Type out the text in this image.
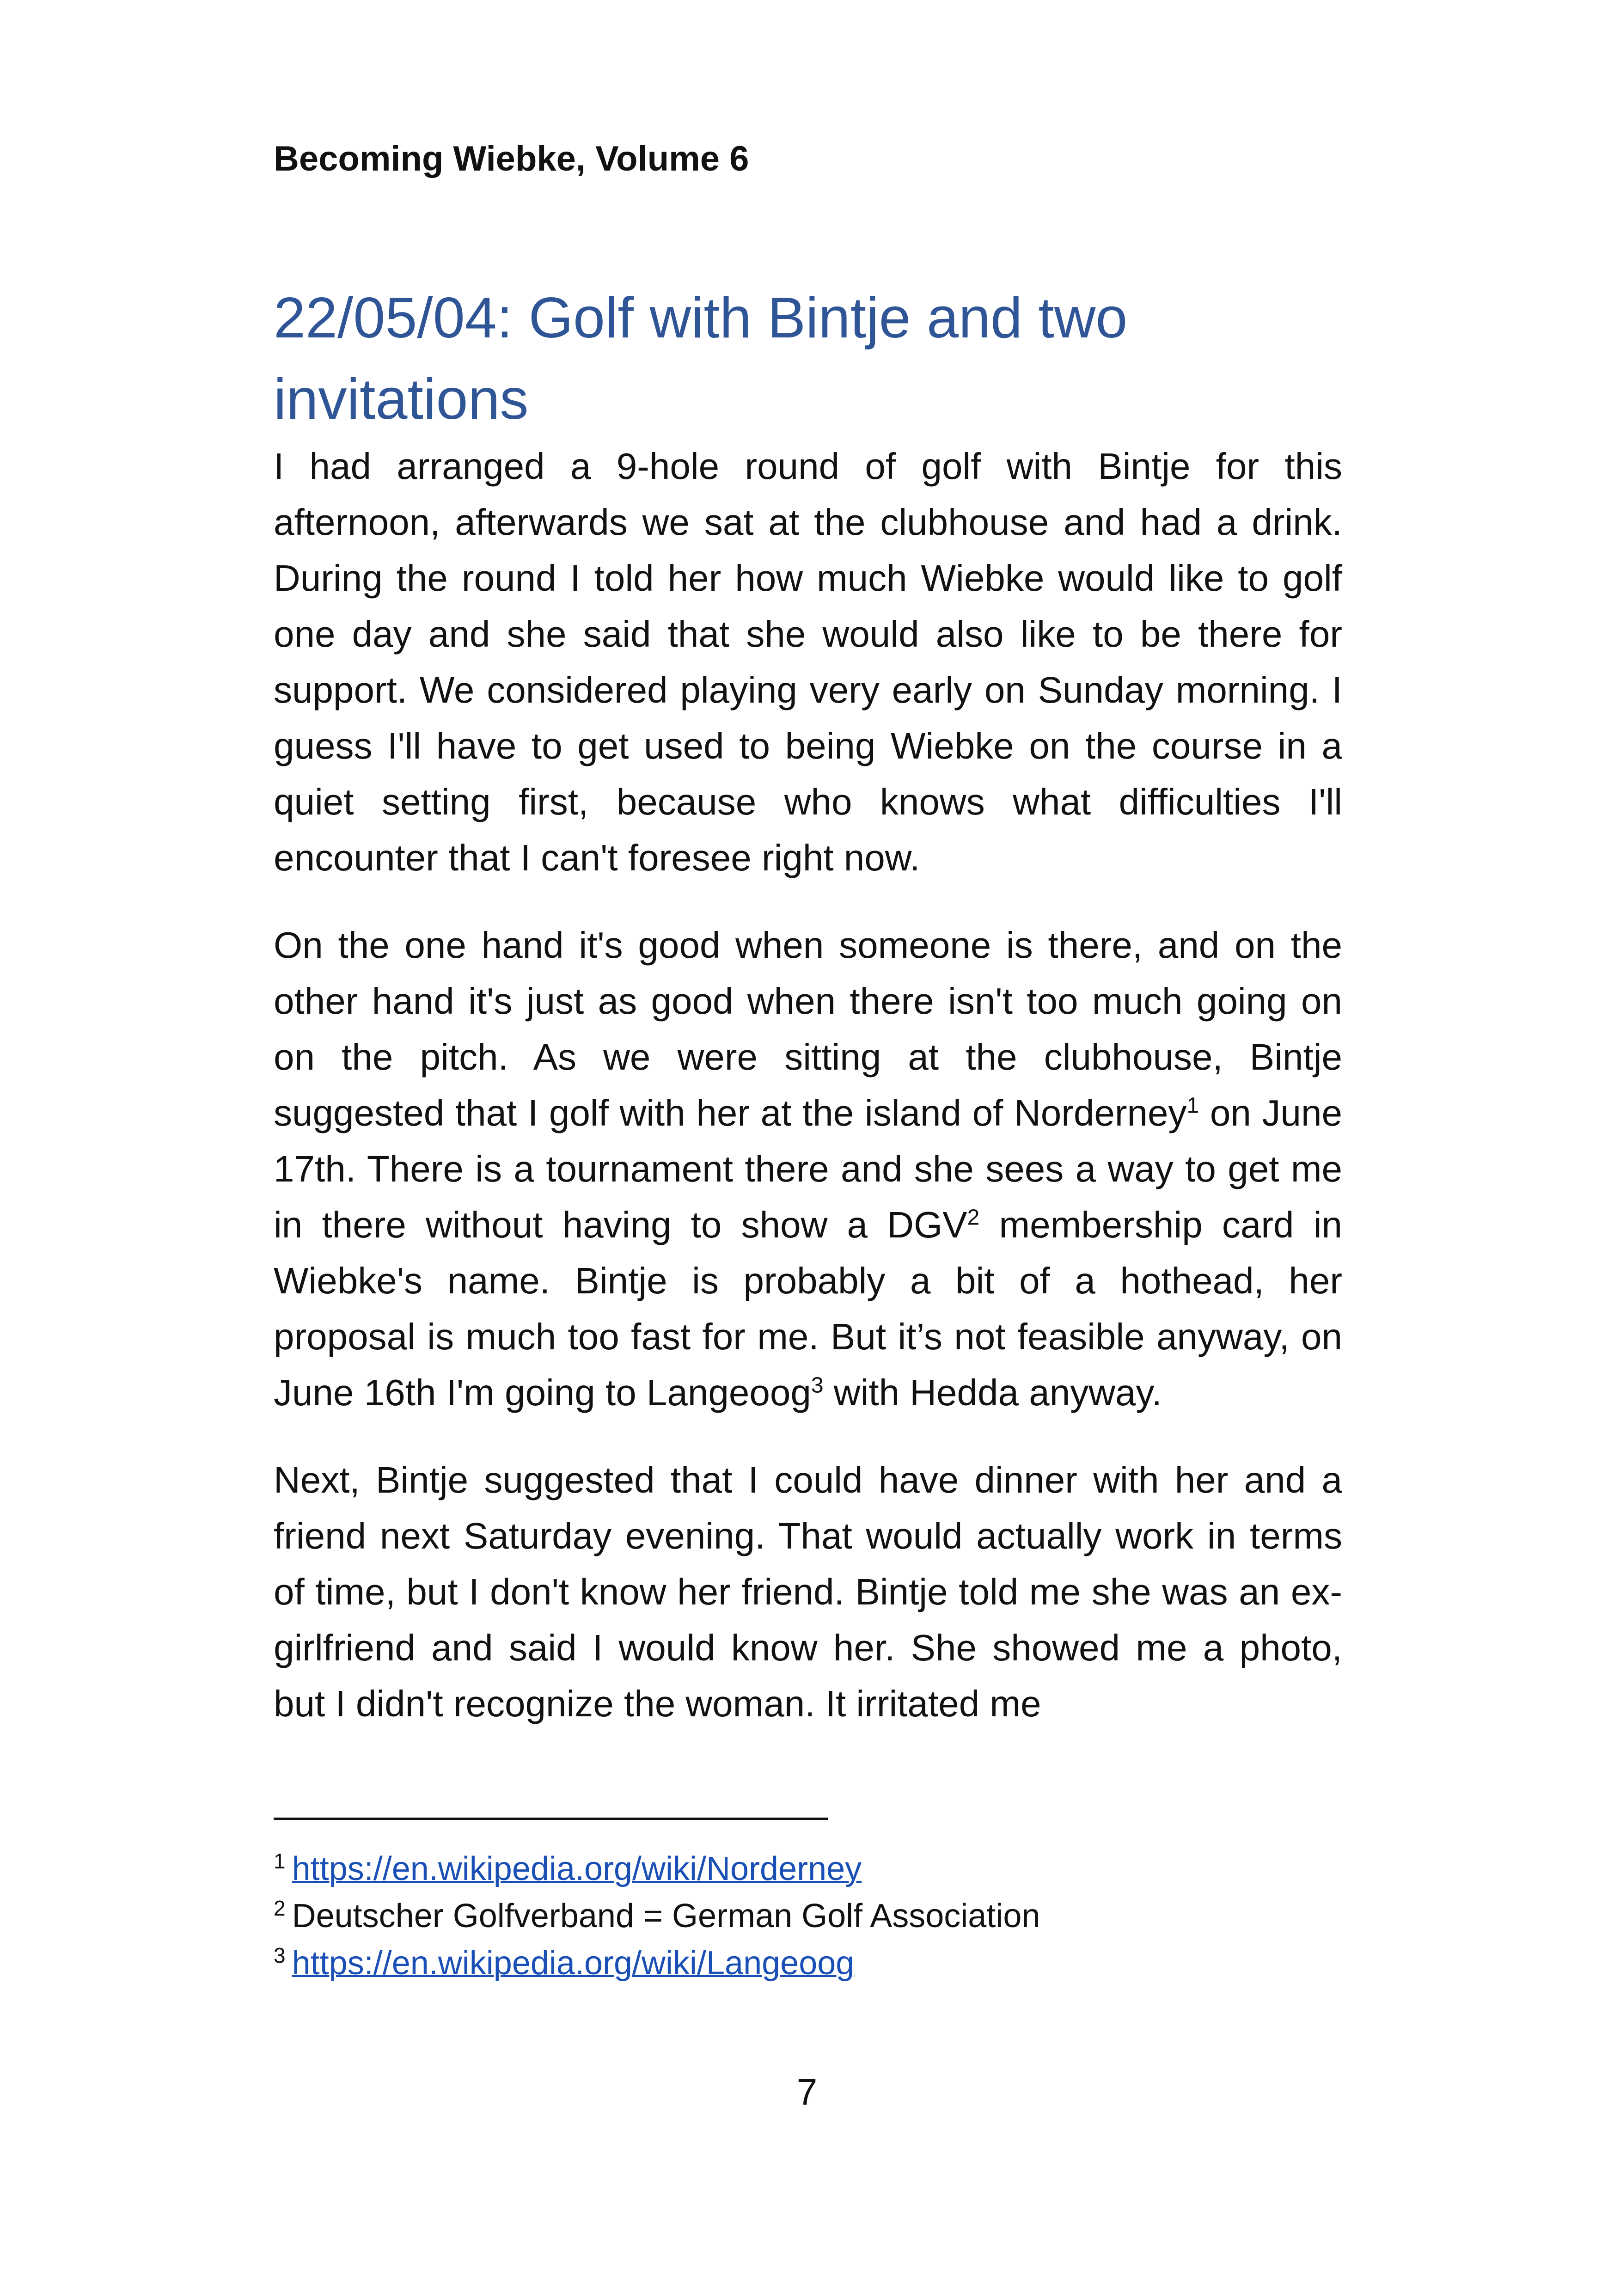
Becoming Wiebke, Volume 6
22/05/04: Golf with Bintje and two invitations

I had arranged a 9-hole round of golf with Bintje for this afternoon, afterwards we sat at the clubhouse and had a drink. During the round I told her how much Wiebke would like to golf one day and she said that she would also like to be there for support. We considered playing very early on Sunday morning. I guess I'll have to get used to being Wiebke on the course in a quiet setting first, because who knows what difficulties I'll encounter that I can't foresee right now.

On the one hand it's good when someone is there, and on the other hand it's just as good when there isn't too much going on on the pitch. As we were sitting at the clubhouse, Bintje suggested that I golf with her at the island of Norderney$^1$ on June 17th. There is a tournament there and she sees a way to get me in there without having to show a DGV$^2$ membership card in Wiebke's name. Bintje is probably a bit of a hothead, her proposal is much too fast for me. But it’s not feasible anyway, on June 16th I'm going to Langeoog$^3$ with Hedda anyway.

Next, Bintje suggested that I could have dinner with her and a friend next Saturday evening. That would actually work in terms of time, but I don't know her friend. Bintje told me she was an ex-girlfriend and said I would know her. She showed me a photo, but I didn't recognize the woman. It irritated me

$^1$ https://en.wikipedia.org/wiki/Norderney

$^2$ Deutscher Golfverband = German Golf Association

$^3$ https://en.wikipedia.org/wiki/Langeoog

7
